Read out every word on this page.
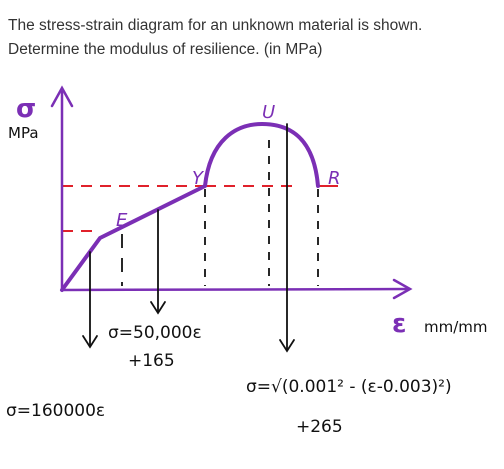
The stress-strain diagram for an unknown material is shown.

Determine the modulus of resilience. (in MPa)

E
Y
U
R
σ
MPa
ε mm/mm
σ=160000ε
σ=50,000ε
+165
σ=√(0.001² - (ε-0.003)²)
+265
